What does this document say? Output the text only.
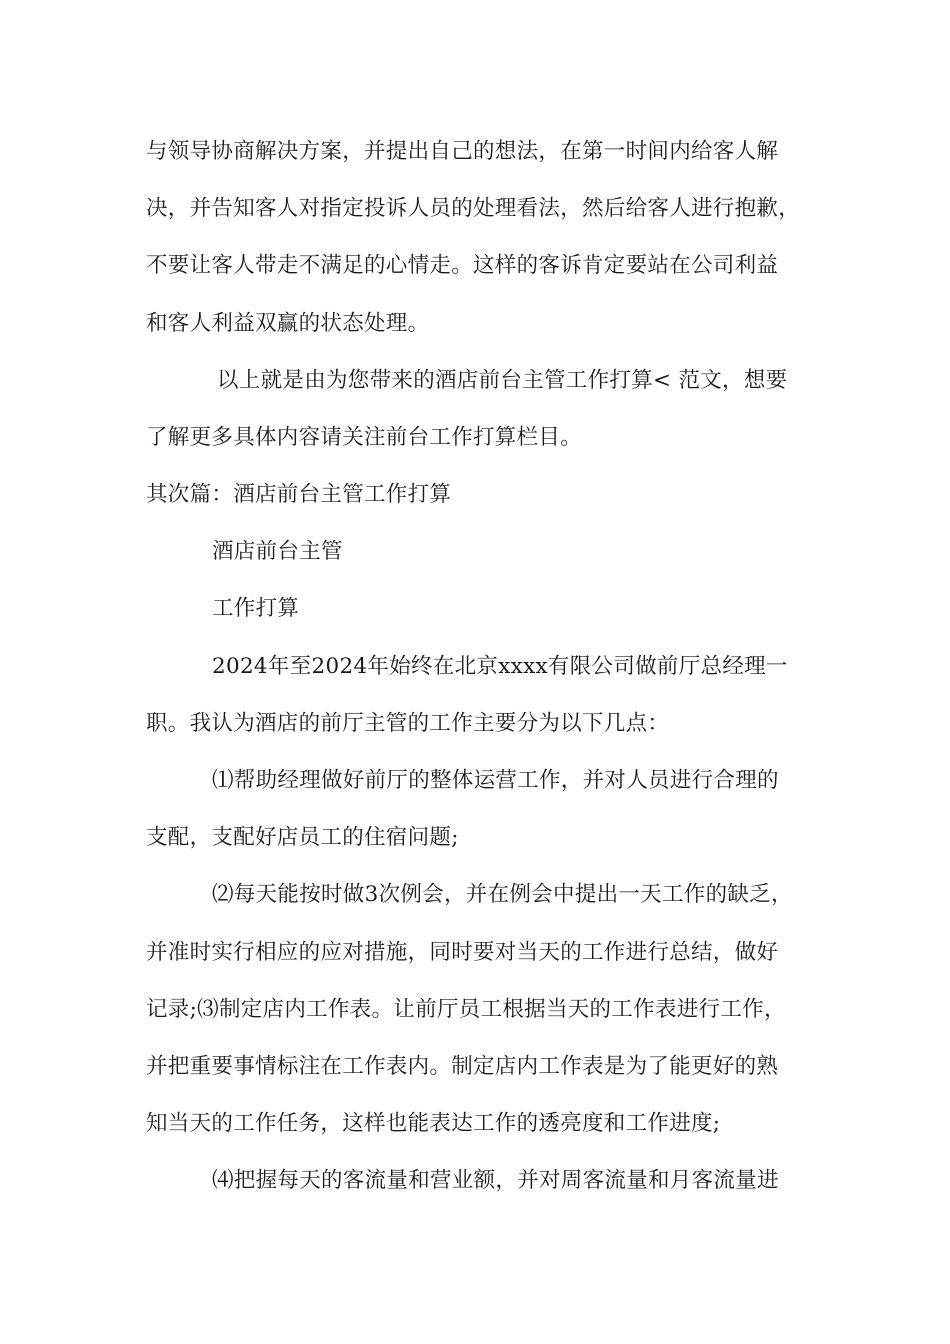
与领导协商解决方案，并提出自己的想法，在第一时间内给客人解
决，并告知客人对指定投诉人员的处理看法，然后给客人进行抱歉，
不要让客人带走不满足的心情走。这样的客诉肯定要站在公司利益
和客人利益双赢的状态处理。
以上就是由为您带来的酒店前台主管工作打算< 范文，想要
了解更多具体内容请关注前台工作打算栏目。
其次篇：酒店前台主管工作打算
酒店前台主管
工作打算
2024年至2024年始终在北京xxxx有限公司做前厅总经理一
职。我认为酒店的前厅主管的工作主要分为以下几点：
⑴帮助经理做好前厅的整体运营工作，并对人员进行合理的
支配，支配好店员工的住宿问题;
⑵每天能按时做3次例会，并在例会中提出一天工作的缺乏，
并准时实行相应的应对措施，同时要对当天的工作进行总结，做好
记录;⑶制定店内工作表。让前厅员工根据当天的工作表进行工作，
并把重要事情标注在工作表内。制定店内工作表是为了能更好的熟
知当天的工作任务，这样也能表达工作的透亮度和工作进度;
⑷把握每天的客流量和营业额，并对周客流量和月客流量进
